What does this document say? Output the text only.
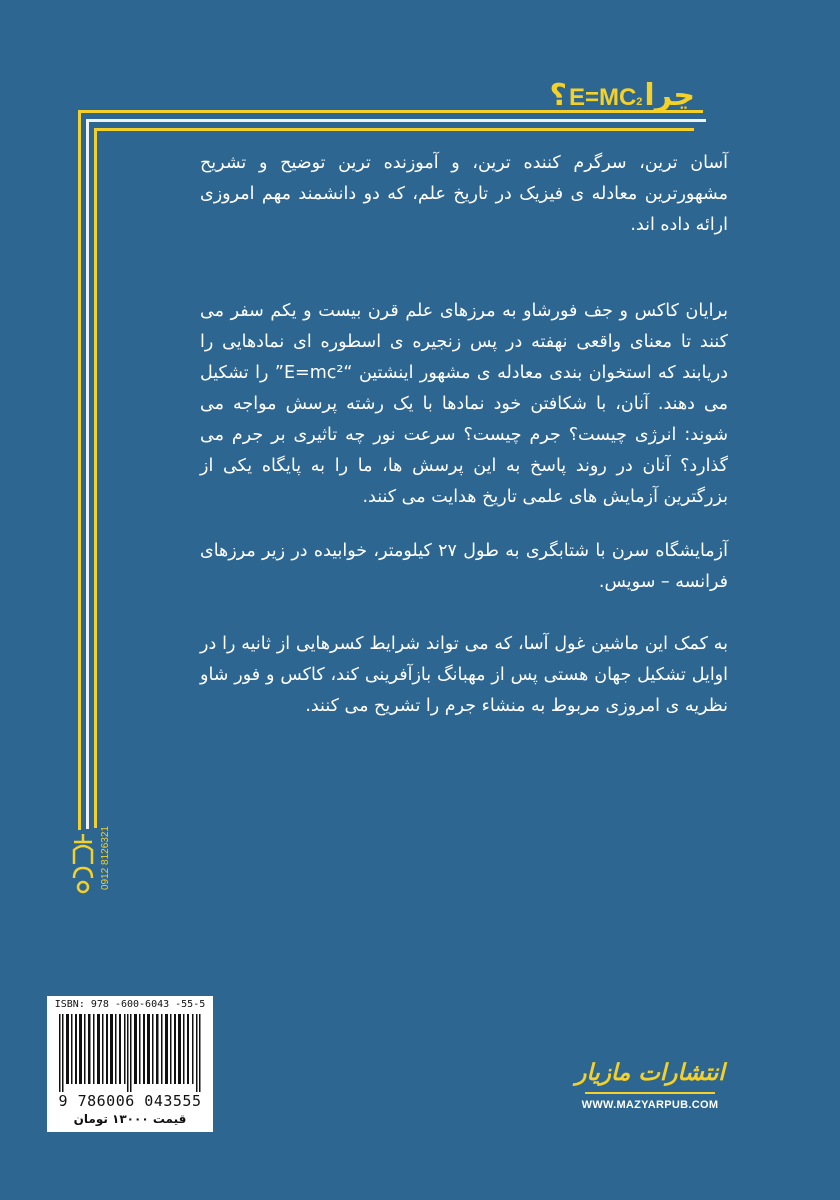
چرا
$E=MC^2$
؟

آسان ترین، سرگرم کننده ترین، و آموزنده ترین توضیح و تشریح مشهورترین معادله ی فیزیک در تاریخ علم، که دو دانشمند مهم امروزی ارائه داده اند.

برایان کاکس و جف فورشاو به مرزهای علم قرن بیست و یکم سفر می کنند تا معنای واقعی نهفته در پس زنجیره ی اسطوره ای نمادهایی را دریابند که استخوان بندی معادله ی مشهور اینشتین “E=mc²” را تشکیل می دهند. آنان، با شکافتن خود نمادها با یک رشته پرسش مواجه می شوند: انرژی چیست؟ جرم چیست؟ سرعت نور چه تاثیری بر جرم می گذارد؟ آنان در روند پاسخ به این پرسش ها، ما را به پایگاه یکی از بزرگترین آزمایش های علمی تاریخ هدایت می کنند.

آزمایشگاه سرن با شتابگری به طول ۲۷ کیلومتر، خوابیده در زیر مرزهای فرانسه – سویس.

به کمک این ماشین غول آسا، که می تواند شرایط کسرهایی از ثانیه را در اوایل تشکیل جهان هستی پس از مهبانگ بازآفرینی کند، کاکس و فور شاو نظریه ی امروزی مربوط به منشاء جرم را تشریح می کنند.

0912 8126321
ISBN: 978 -600-6043 -55-5
9 786006 043555
قیمت ۱۳۰۰۰ تومان
انتشارات مازیار
WWW.MAZYARPUB.COM
